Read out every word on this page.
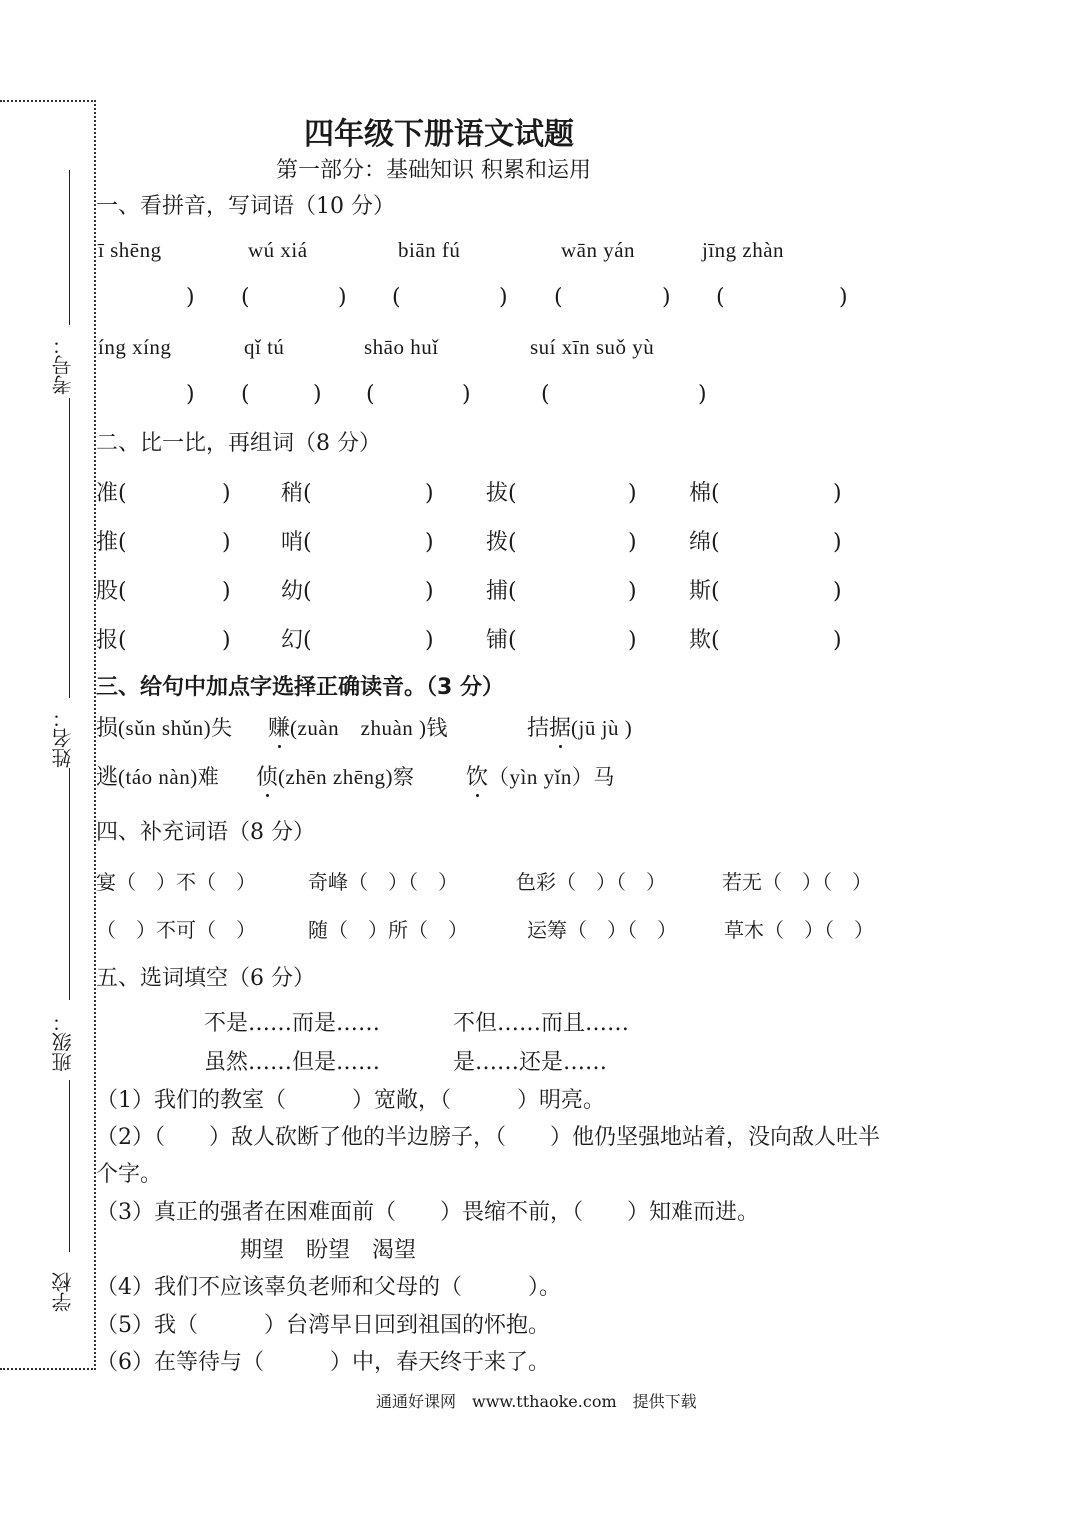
考号：
姓名：
班级：
学校
四年级下册语文试题
第一部分：基础知识 积累和运用
一、看拼音，写词语（10 分）
ī shēng	wú xiá	biān fú	wān yán	jīng zhàn
) (	) (	) (	) (	)
íng xíng	qǐ tú	shāo huǐ	suí xīn suǒ yù
) (	) (	)	(	)
二、比一比，再组词（8 分）
准(	) 稍(	) 拔(	) 棉(	)
推(	) 哨(	) 拨(	) 绵(	)
股(	) 幼(	) 捕(	) 斯(	)
报(	) 幻(	) 铺(	) 欺(	)
三、给句中加点字选择正确读音。（3 分）
损(sǔn shǔn)失 赚(zuàn　zhuàn )钱	拮据(jū jù )
逃(táo nàn)难 侦(zhēn zhēng)察 饮（yìn yǐn）马
四、补充词语（8 分）
宴（　）不（　）	奇峰（　）（　）	色彩（　）（　）	若无（　）（　）
（　）不可（　）	随（　）所（　）	运筹（　）（　） 草木（　）（　）
五、选词填空（6 分）
不是……而是……	不但……而且……
虽然……但是……	是……还是……
（1）我们的教室（　　　）宽敞，（　　　）明亮。
（2）（　　）敌人砍断了他的半边膀子，（　　）他仍坚强地站着，没向敌人吐半
个字。
（3）真正的强者在困难面前（　　）畏缩不前，（　　）知难而进。
期望　盼望　渴望
（4）我们不应该辜负老师和父母的（　　　）。
（5）我（　　　）台湾早日回到祖国的怀抱。
（6）在等待与（　　　）中，春天终于来了。
通通好课网　www.tthaoke.com　提供下载
